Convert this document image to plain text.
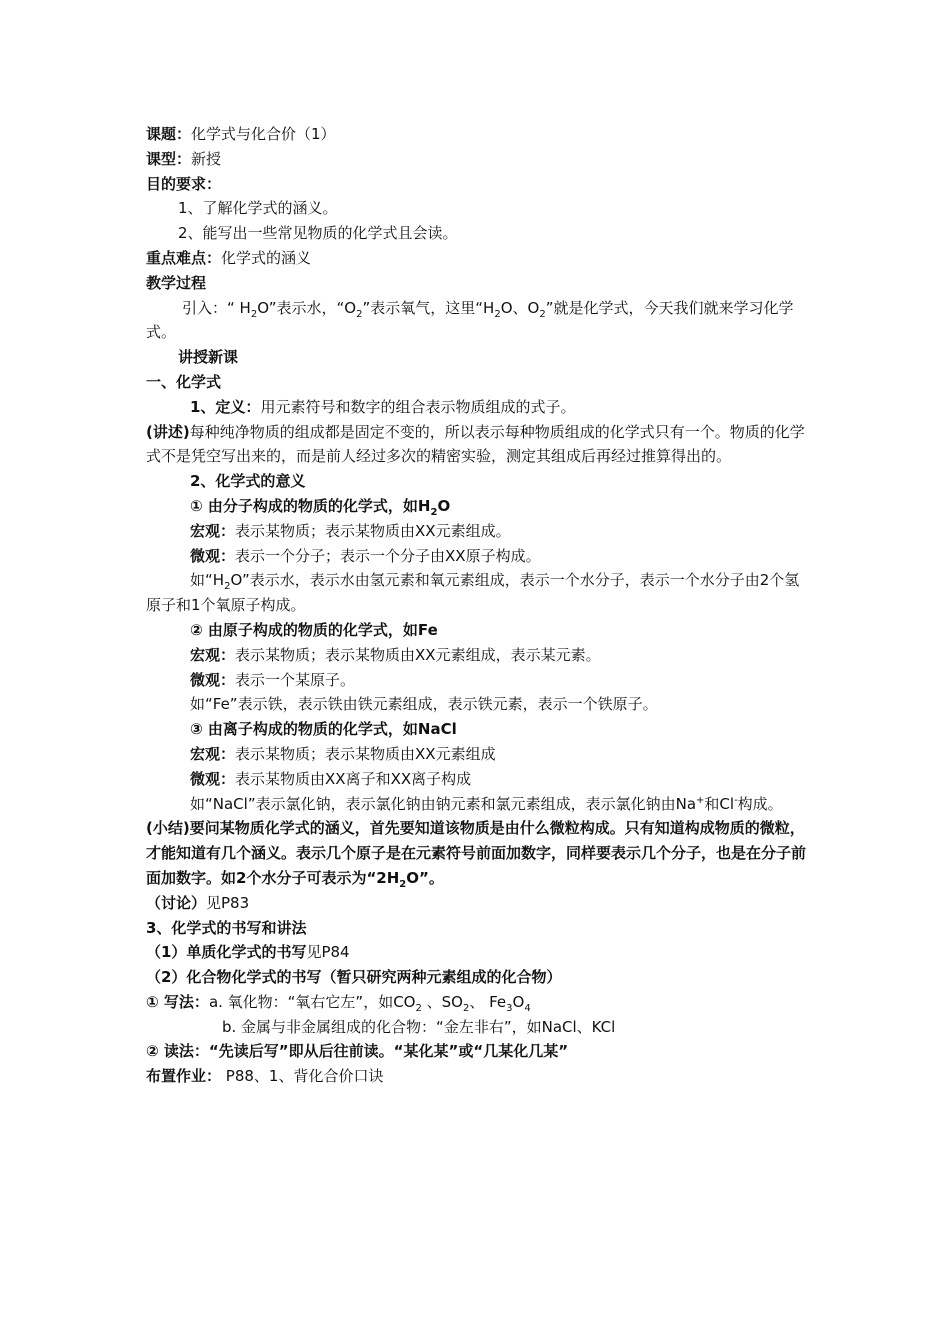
课题：化学式与化合价（1）
课型：新授
目的要求：
1、了解化学式的涵义。
2、能写出一些常见物质的化学式且会读。
重点难点：化学式的涵义
教学过程
引入：“ $H_2O$”表示水，“$O_2$”表示氧气，这里“$H_2O$、$O_2$”就是化学式，今天我们就来学习化学式。
讲授新课
一、化学式
1、定义：用元素符号和数字的组合表示物质组成的式子。
(讲述)每种纯净物质的组成都是固定不变的，所以表示每种物质组成的化学式只有一个。物质的化学式不是凭空写出来的，而是前人经过多次的精密实验，测定其组成后再经过推算得出的。
2、化学式的意义
① 由分子构成的物质的化学式，如$H_2O$
宏观：表示某物质；表示某物质由XX元素组成。
微观：表示一个分子；表示一个分子由XX原子构成。
如“$H_2O$”表示水，表示水由氢元素和氧元素组成，表示一个水分子，表示一个水分子由2个氢原子和1个氧原子构成。
② 由原子构成的物质的化学式，如Fe
宏观：表示某物质；表示某物质由XX元素组成，表示某元素。
微观：表示一个某原子。
如“Fe”表示铁，表示铁由铁元素组成，表示铁元素，表示一个铁原子。
③ 由离子构成的物质的化学式，如NaCl
宏观：表示某物质；表示某物质由XX元素组成
微观：表示某物质由XX离子和XX离子构成
如“NaCl”表示氯化钠，表示氯化钠由钠元素和氯元素组成，表示氯化钠由Na+和Cl-构成。
(小结)要问某物质化学式的涵义，首先要知道该物质是由什么微粒构成。只有知道构成物质的微粒，才能知道有几个涵义。表示几个原子是在元素符号前面加数字，同样要表示几个分子，也是在分子前面加数字。如2个水分子可表示为“$2H_2O$”。
（讨论）见P83
3、化学式的书写和讲法
（1）单质化学式的书写见P84
（2）化合物化学式的书写（暂只研究两种元素组成的化合物）
① 写法：a. 氧化物：“氧右它左”，如$CO_2$ 、$SO_2$、 $Fe_3O_4$
b. 金属与非金属组成的化合物：“金左非右”，如NaCl、KCl
② 读法：“先读后写”即从后往前读。“某化某”或“几某化几某”
布置作业： P88、1、背化合价口诀
